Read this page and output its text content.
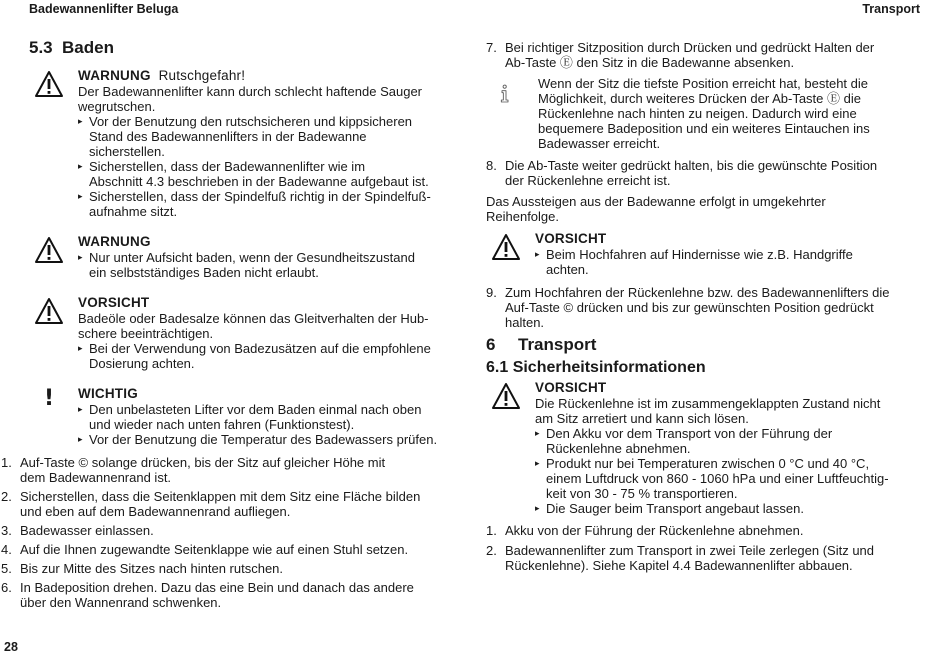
Badewannenlifter Beluga	Transport
28
5.3 Baden
WARNUNG Rutschgefahr!
Der Badewannenlifter kann durch schlecht haftende Sauger
wegrutschen.
▸ Vor der Benutzung den rutschsicheren und kippsicheren
Stand des Badewannenlifters in der Badewanne
sicherstellen.
▸ Sicherstellen, dass der Badewannenlifter wie im
Abschnitt 4.3 beschrieben in der Badewanne aufgebaut ist.
▸ Sicherstellen, dass der Spindelfuß richtig in der Spindelfuß-
aufnahme sitzt.
WARNUNG
▸ Nur unter Aufsicht baden, wenn der Gesundheitszustand
ein selbstständiges Baden nicht erlaubt.
VORSICHT
Badeöle oder Badesalze können das Gleitverhalten der Hub-
schere beeinträchtigen.
▸ Bei der Verwendung von Badezusätzen auf die empfohlene
Dosierung achten.
! WICHTIG
▸ Den unbelasteten Lifter vor dem Baden einmal nach oben
und wieder nach unten fahren (Funktionstest).
▸ Vor der Benutzung die Temperatur des Badewassers prüfen.
1. Auf-Taste © solange drücken, bis der Sitz auf gleicher Höhe mit
dem Badewannenrand ist.
2. Sicherstellen, dass die Seitenklappen mit dem Sitz eine Fläche bilden
und eben auf dem Badewannenrand aufliegen.
3. Badewasser einlassen.
4. Auf die Ihnen zugewandte Seitenklappe wie auf einen Stuhl setzen.
5. Bis zur Mitte des Sitzes nach hinten rutschen.
6. In Badeposition drehen. Dazu das eine Bein und danach das andere
über den Wannenrand schwenken.
7. Bei richtiger Sitzposition durch Drücken und gedrückt Halten der
Ab-Taste Ⓔ den Sitz in die Badewanne absenken.
Wenn der Sitz die tiefste Position erreicht hat, besteht die
Möglichkeit, durch weiteres Drücken der Ab-Taste Ⓔ die
Rückenlehne nach hinten zu neigen. Dadurch wird eine
bequemere Badeposition und ein weiteres Eintauchen ins
Badewasser erreicht.
8. Die Ab-Taste weiter gedrückt halten, bis die gewünschte Position
der Rückenlehne erreicht ist.
Das Aussteigen aus der Badewanne erfolgt in umgekehrter
Reihenfolge.
VORSICHT
▸ Beim Hochfahren auf Hindernisse wie z.B. Handgriffe
achten.
9. Zum Hochfahren der Rückenlehne bzw. des Badewannenlifters die
Auf-Taste © drücken und bis zur gewünschten Position gedrückt
halten.
6 Transport
6.1 Sicherheitsinformationen
VORSICHT
Die Rückenlehne ist im zusammengeklappten Zustand nicht
am Sitz arretiert und kann sich lösen.
▸ Den Akku vor dem Transport von der Führung der
Rückenlehne abnehmen.
▸ Produkt nur bei Temperaturen zwischen 0 °C und 40 °C,
einem Luftdruck von 860 - 1060 hPa und einer Luftfeuchtig-
keit von 30 - 75 % transportieren.
▸ Die Sauger beim Transport angebaut lassen.
1. Akku von der Führung der Rückenlehne abnehmen.
2. Badewannenlifter zum Transport in zwei Teile zerlegen (Sitz und
Rückenlehne). Siehe Kapitel 4.4 Badewannenlifter abbauen.
